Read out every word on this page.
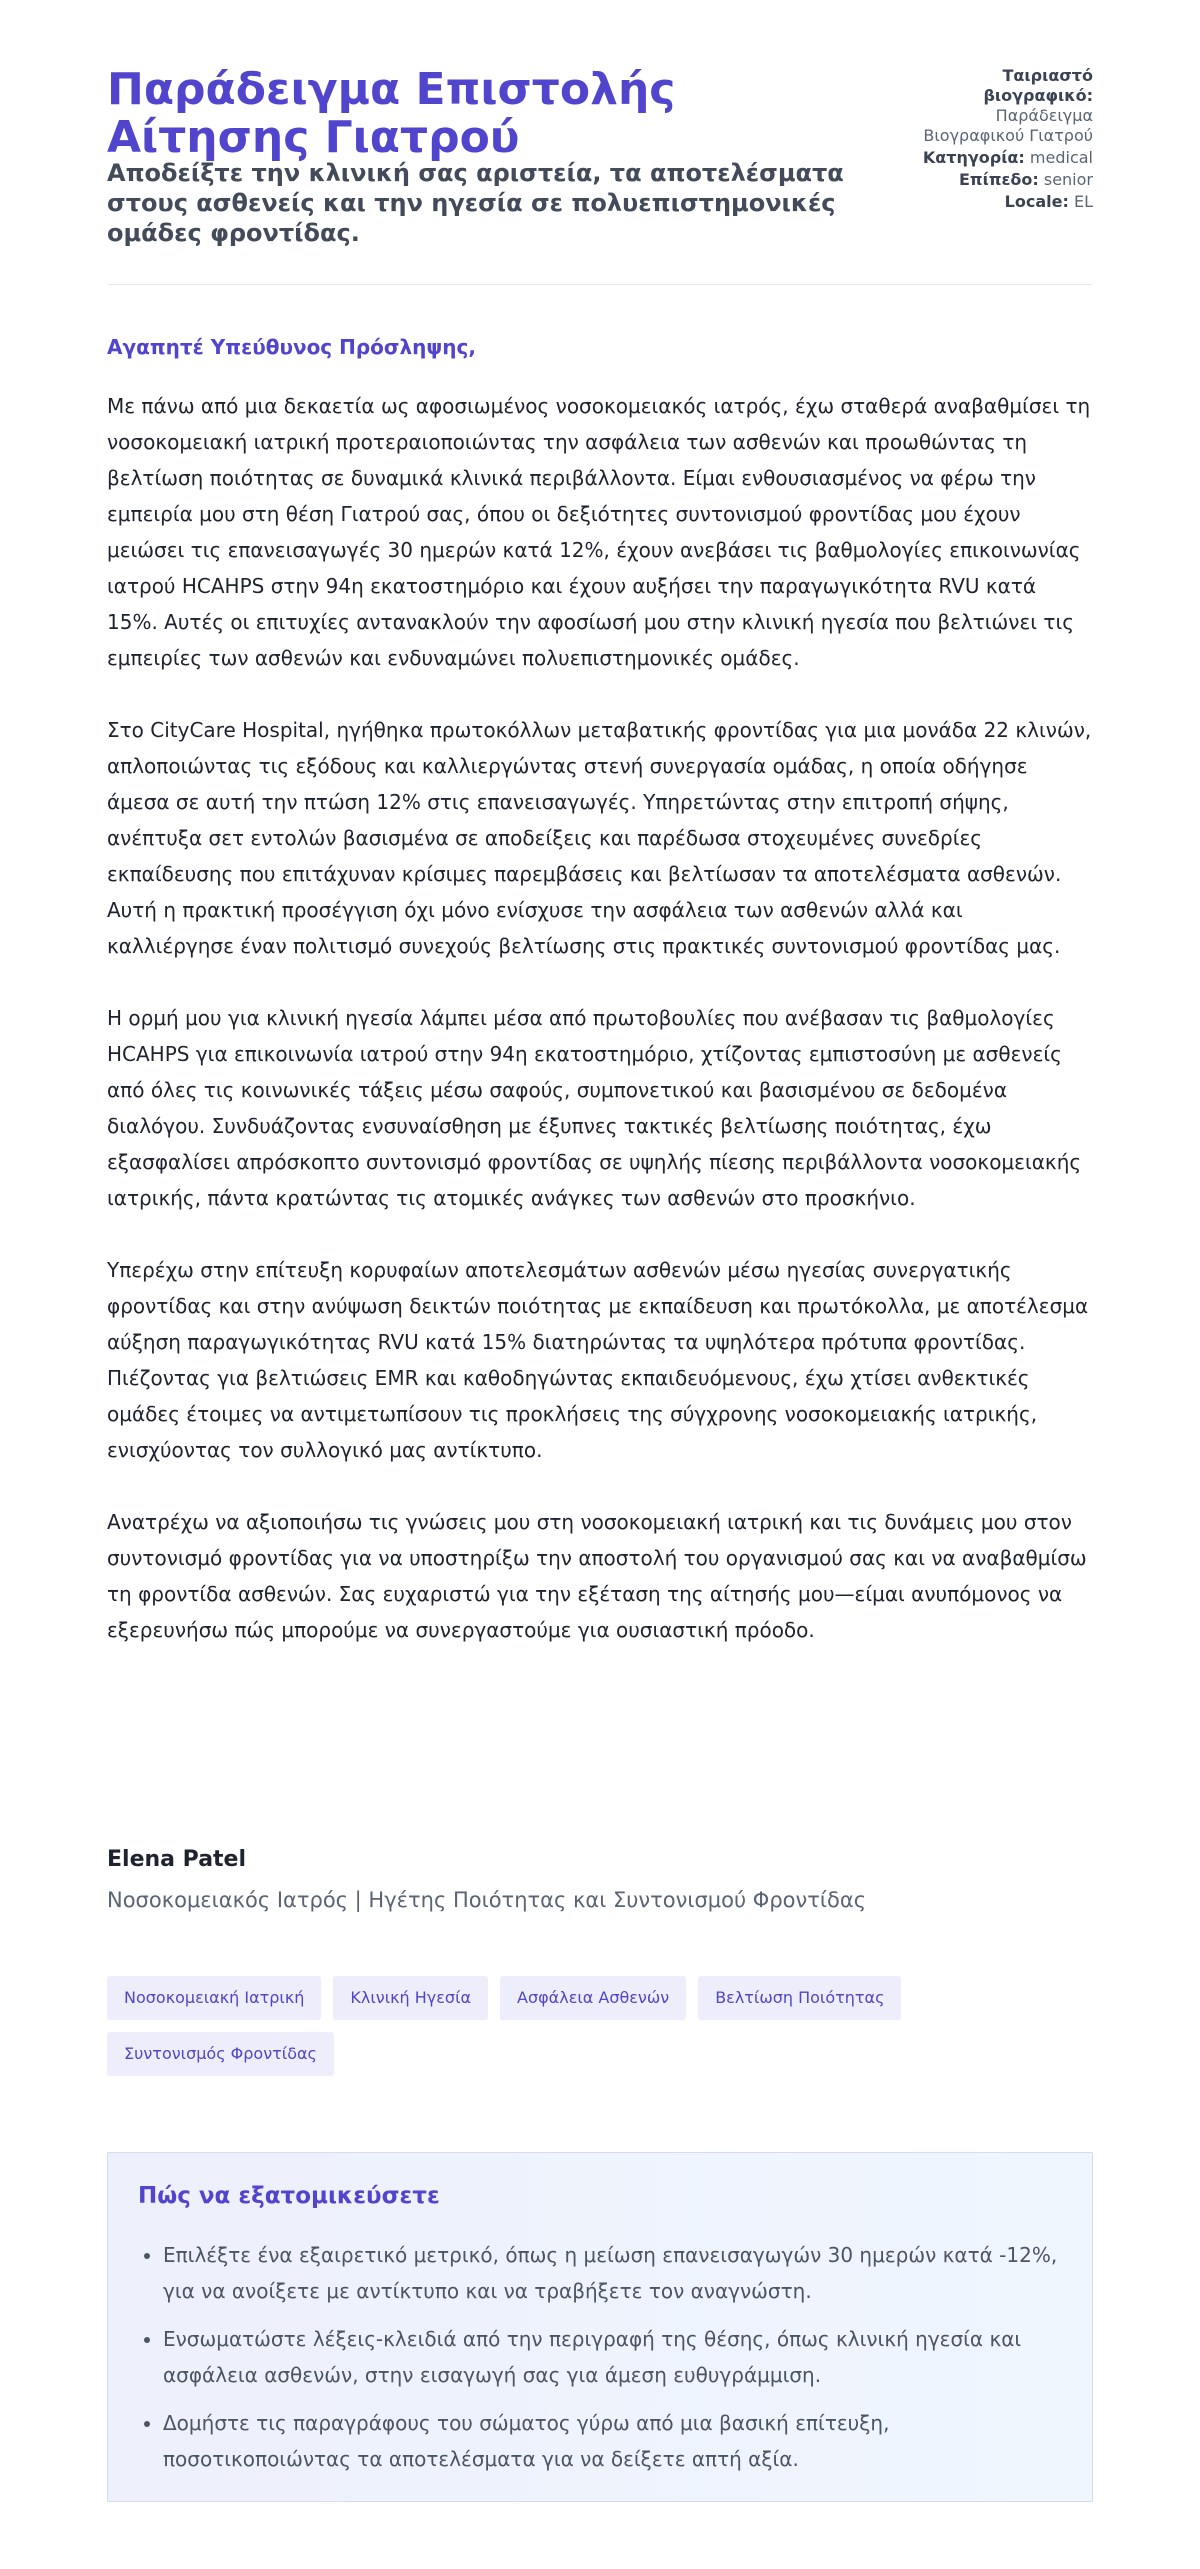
Παράδειγμα Επιστολής Αίτησης Γιατρού

Αποδείξτε την κλινική σας αριστεία, τα αποτελέσματα στους ασθενείς και την ηγεσία σε πολυεπιστημονικές ομάδες φροντίδας.

Ταιριαστό βιογραφικό: Παράδειγμα Βιογραφικού Γιατρού
Κατηγορία: medical
Επίπεδο: senior
Locale: EL
Αγαπητέ Υπεύθυνος Πρόσληψης,

Με πάνω από μια δεκαετία ως αφοσιωμένος νοσοκομειακός ιατρός, έχω σταθερά αναβαθμίσει τη νοσοκομειακή ιατρική προτεραιοποιώντας την ασφάλεια των ασθενών και προωθώντας τη βελτίωση ποιότητας σε δυναμικά κλινικά περιβάλλοντα. Είμαι ενθουσιασμένος να φέρω την εμπειρία μου στη θέση Γιατρού σας, όπου οι δεξιότητες συντονισμού φροντίδας μου έχουν μειώσει τις επανεισαγωγές 30 ημερών κατά 12%, έχουν ανεβάσει τις βαθμολογίες επικοινωνίας ιατρού HCAHPS στην 94η εκατοστημόριο και έχουν αυξήσει την παραγωγικότητα RVU κατά 15%. Αυτές οι επιτυχίες αντανακλούν την αφοσίωσή μου στην κλινική ηγεσία που βελτιώνει τις εμπειρίες των ασθενών και ενδυναμώνει πολυεπιστημονικές ομάδες.

Στο CityCare Hospital, ηγήθηκα πρωτοκόλλων μεταβατικής φροντίδας για μια μονάδα 22 κλινών, απλοποιώντας τις εξόδους και καλλιεργώντας στενή συνεργασία ομάδας, η οποία οδήγησε άμεσα σε αυτή την πτώση 12% στις επανεισαγωγές. Υπηρετώντας στην επιτροπή σήψης, ανέπτυξα σετ εντολών βασισμένα σε αποδείξεις και παρέδωσα στοχευμένες συνεδρίες εκπαίδευσης που επιτάχυναν κρίσιμες παρεμβάσεις και βελτίωσαν τα αποτελέσματα ασθενών. Αυτή η πρακτική προσέγγιση όχι μόνο ενίσχυσε την ασφάλεια των ασθενών αλλά και καλλιέργησε έναν πολιτισμό συνεχούς βελτίωσης στις πρακτικές συντονισμού φροντίδας μας.

Η ορμή μου για κλινική ηγεσία λάμπει μέσα από πρωτοβουλίες που ανέβασαν τις βαθμολογίες HCAHPS για επικοινωνία ιατρού στην 94η εκατοστημόριο, χτίζοντας εμπιστοσύνη με ασθενείς από όλες τις κοινωνικές τάξεις μέσω σαφούς, συμπονετικού και βασισμένου σε δεδομένα διαλόγου. Συνδυάζοντας ενσυναίσθηση με έξυπνες τακτικές βελτίωσης ποιότητας, έχω εξασφαλίσει απρόσκοπτο συντονισμό φροντίδας σε υψηλής πίεσης περιβάλλοντα νοσοκομειακής ιατρικής, πάντα κρατώντας τις ατομικές ανάγκες των ασθενών στο προσκήνιο.

Υπερέχω στην επίτευξη κορυφαίων αποτελεσμάτων ασθενών μέσω ηγεσίας συνεργατικής φροντίδας και στην ανύψωση δεικτών ποιότητας με εκπαίδευση και πρωτόκολλα, με αποτέλεσμα αύξηση παραγωγικότητας RVU κατά 15% διατηρώντας τα υψηλότερα πρότυπα φροντίδας. Πιέζοντας για βελτιώσεις EMR και καθοδηγώντας εκπαιδευόμενους, έχω χτίσει ανθεκτικές ομάδες έτοιμες να αντιμετωπίσουν τις προκλήσεις της σύγχρονης νοσοκομειακής ιατρικής, ενισχύοντας τον συλλογικό μας αντίκτυπο.

Ανατρέχω να αξιοποιήσω τις γνώσεις μου στη νοσοκομειακή ιατρική και τις δυνάμεις μου στον συντονισμό φροντίδας για να υποστηρίξω την αποστολή του οργανισμού σας και να αναβαθμίσω τη φροντίδα ασθενών. Σας ευχαριστώ για την εξέταση της αίτησής μου—είμαι ανυπόμονος να εξερευνήσω πώς μπορούμε να συνεργαστούμε για ουσιαστική πρόοδο.

Elena Patel
Νοσοκομειακός Ιατρός | Ηγέτης Ποιότητας και Συντονισμού Φροντίδας
Νοσοκομειακή Ιατρική	Κλινική Ηγεσία	Ασφάλεια Ασθενών	Βελτίωση Ποιότητας
Συντονισμός Φροντίδας
Πώς να εξατομικεύσετε
• Επιλέξτε ένα εξαιρετικό μετρικό, όπως η μείωση επανεισαγωγών 30 ημερών κατά -12%, για να ανοίξετε με αντίκτυπο και να τραβήξετε τον αναγνώστη.
• Ενσωματώστε λέξεις-κλειδιά από την περιγραφή της θέσης, όπως κλινική ηγεσία και ασφάλεια ασθενών, στην εισαγωγή σας για άμεση ευθυγράμμιση.
• Δομήστε τις παραγράφους του σώματος γύρω από μια βασική επίτευξη, ποσοτικοποιώντας τα αποτελέσματα για να δείξετε απτή αξία.
